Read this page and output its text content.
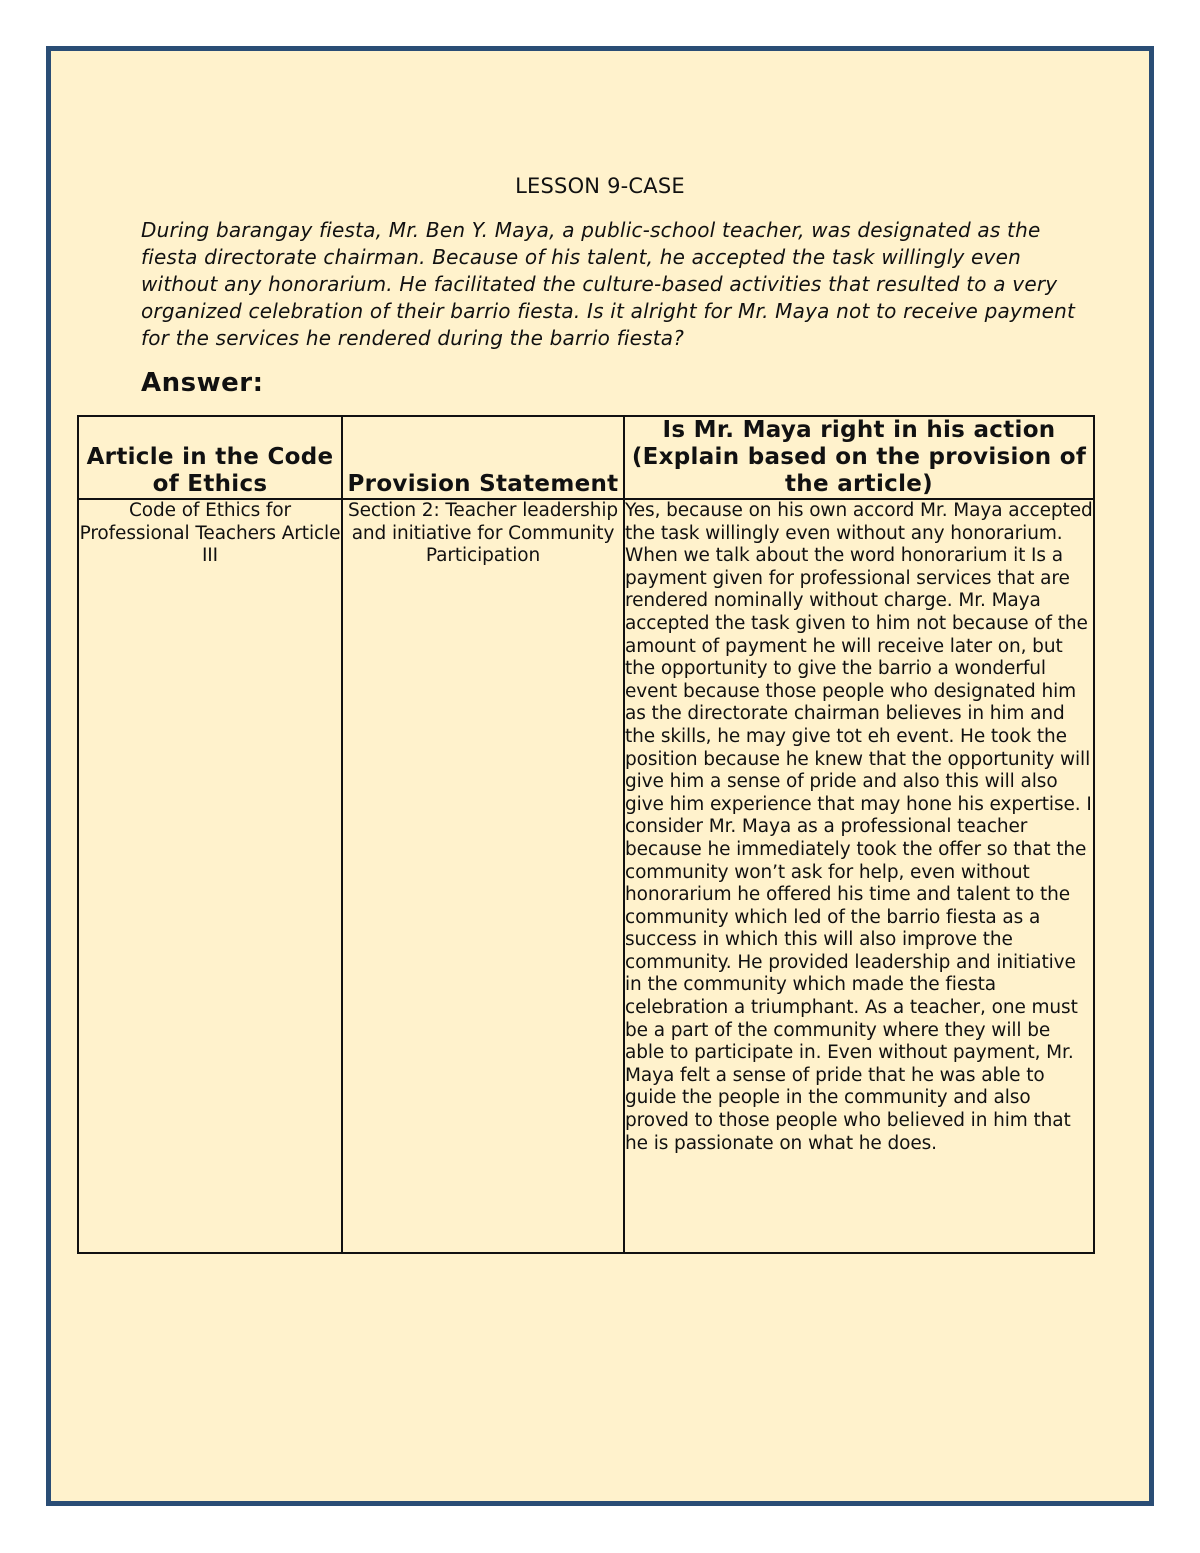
LESSON 9-CASE
During barangay fiesta, Mr. Ben Y. Maya, a public-school teacher, was designated as the fiesta directorate chairman. Because of his talent, he accepted the task willingly even without any honorarium. He facilitated the culture-based activities that resulted to a very organized celebration of their barrio fiesta. Is it alright for Mr. Maya not to receive payment for the services he rendered during the barrio fiesta?
Answer:
Article in the Code of Ethics	Provision Statement	Is Mr. Maya right in his action (Explain based on the provision of the article)
Code of Ethics for Professional Teachers Article III	Section 2: Teacher leadership and initiative for Community Participation	Yes, because on his own accord Mr. Maya accepted the task willingly even without any honorarium. When we talk about the word honorarium it Is a payment given for professional services that are rendered nominally without charge. Mr. Maya accepted the task given to him not because of the amount of payment he will receive later on, but the opportunity to give the barrio a wonderful event because those people who designated him as the directorate chairman believes in him and the skills, he may give tot eh event. He took the position because he knew that the opportunity will give him a sense of pride and also this will also give him experience that may hone his expertise. I consider Mr. Maya as a professional teacher because he immediately took the offer so that the community won’t ask for help, even without honorarium he offered his time and talent to the community which led of the barrio fiesta as a success in which this will also improve the community. He provided leadership and initiative in the community which made the fiesta celebration a triumphant. As a teacher, one must be a part of the community where they will be able to participate in. Even without payment, Mr. Maya felt a sense of pride that he was able to guide the people in the community and also proved to those people who believed in him that he is passionate on what he does.
